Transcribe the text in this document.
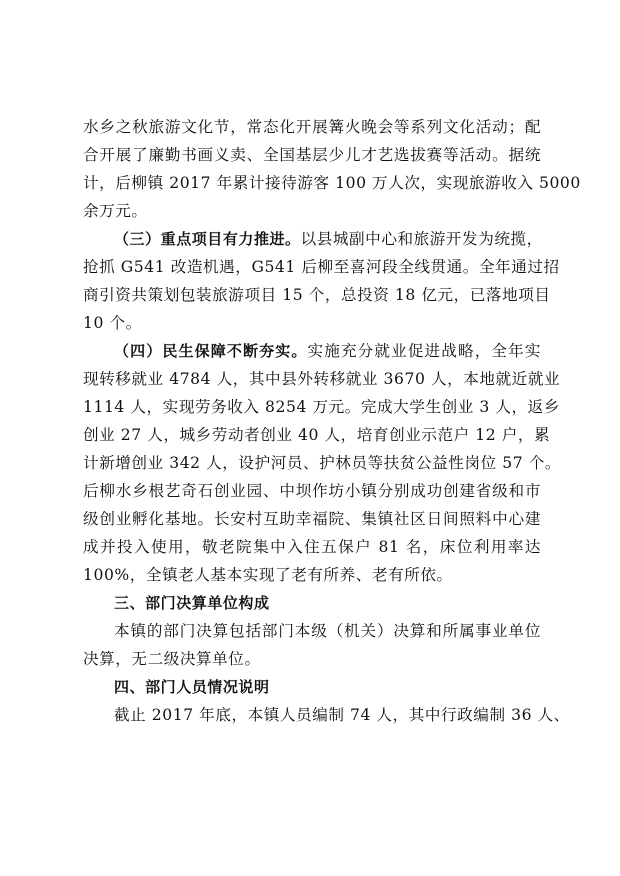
水乡之秋旅游文化节，常态化开展篝火晚会等系列文化活动；配
合开展了廉勤书画义卖、全国基层少儿才艺选拔赛等活动。据统
计，后柳镇 2017 年累计接待游客 100 万人次，实现旅游收入 5000
余万元。
（三）重点项目有力推进。以县城副中心和旅游开发为统揽，
抢抓 G541 改造机遇，G541 后柳至喜河段全线贯通。全年通过招
商引资共策划包装旅游项目 15 个，总投资 18 亿元，已落地项目
10 个。
（四）民生保障不断夯实。实施充分就业促进战略，全年实
现转移就业 4784 人，其中县外转移就业 3670 人，本地就近就业
1114 人，实现劳务收入 8254 万元。完成大学生创业 3 人，返乡
创业 27 人，城乡劳动者创业 40 人，培育创业示范户 12 户，累
计新增创业 342 人，设护河员、护林员等扶贫公益性岗位 57 个。
后柳水乡根艺奇石创业园、中坝作坊小镇分别成功创建省级和市
级创业孵化基地。长安村互助幸福院、集镇社区日间照料中心建
成并投入使用，敬老院集中入住五保户 81 名，床位利用率达
100%，全镇老人基本实现了老有所养、老有所依。
三、部门决算单位构成
本镇的部门决算包括部门本级（机关）决算和所属事业单位
决算，无二级决算单位。
四、部门人员情况说明
截止 2017 年底，本镇人员编制 74 人，其中行政编制 36 人、
